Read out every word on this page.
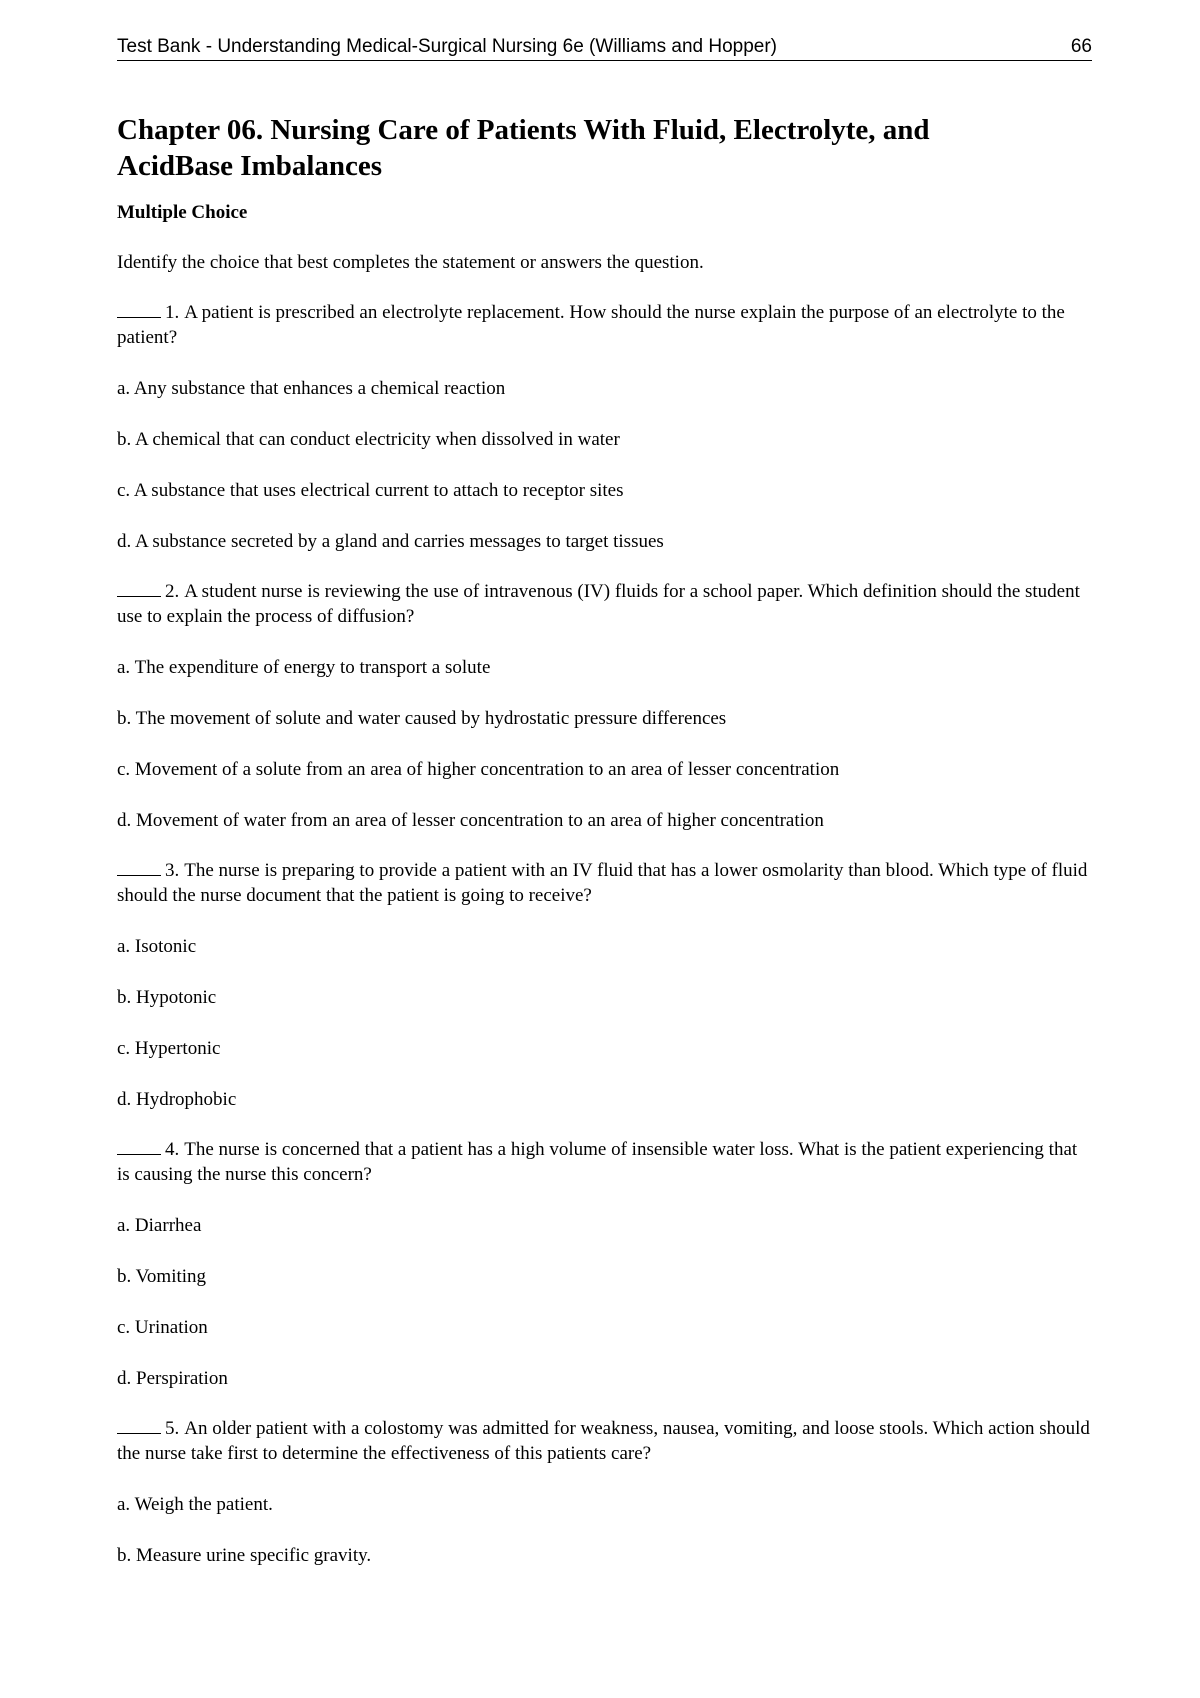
Test Bank - Understanding Medical-Surgical Nursing 6e (Williams and Hopper)	66
Chapter 06. Nursing Care of Patients With Fluid, Electrolyte, and AcidBase Imbalances

Multiple Choice

Identify the choice that best completes the statement or answers the question.

1. A patient is prescribed an electrolyte replacement. How should the nurse explain the purpose of an electrolyte to the patient?

a. Any substance that enhances a chemical reaction

b. A chemical that can conduct electricity when dissolved in water

c. A substance that uses electrical current to attach to receptor sites

d. A substance secreted by a gland and carries messages to target tissues

2. A student nurse is reviewing the use of intravenous (IV) fluids for a school paper. Which definition should the student use to explain the process of diffusion?

a. The expenditure of energy to transport a solute

b. The movement of solute and water caused by hydrostatic pressure differences

c. Movement of a solute from an area of higher concentration to an area of lesser concentration

d. Movement of water from an area of lesser concentration to an area of higher concentration

3. The nurse is preparing to provide a patient with an IV fluid that has a lower osmolarity than blood. Which type of fluid should the nurse document that the patient is going to receive?

a. Isotonic

b. Hypotonic

c. Hypertonic

d. Hydrophobic

4. The nurse is concerned that a patient has a high volume of insensible water loss. What is the patient experiencing that is causing the nurse this concern?

a. Diarrhea

b. Vomiting

c. Urination

d. Perspiration

5. An older patient with a colostomy was admitted for weakness, nausea, vomiting, and loose stools. Which action should the nurse take first to determine the effectiveness of this patients care?

a. Weigh the patient.

b. Measure urine specific gravity.
